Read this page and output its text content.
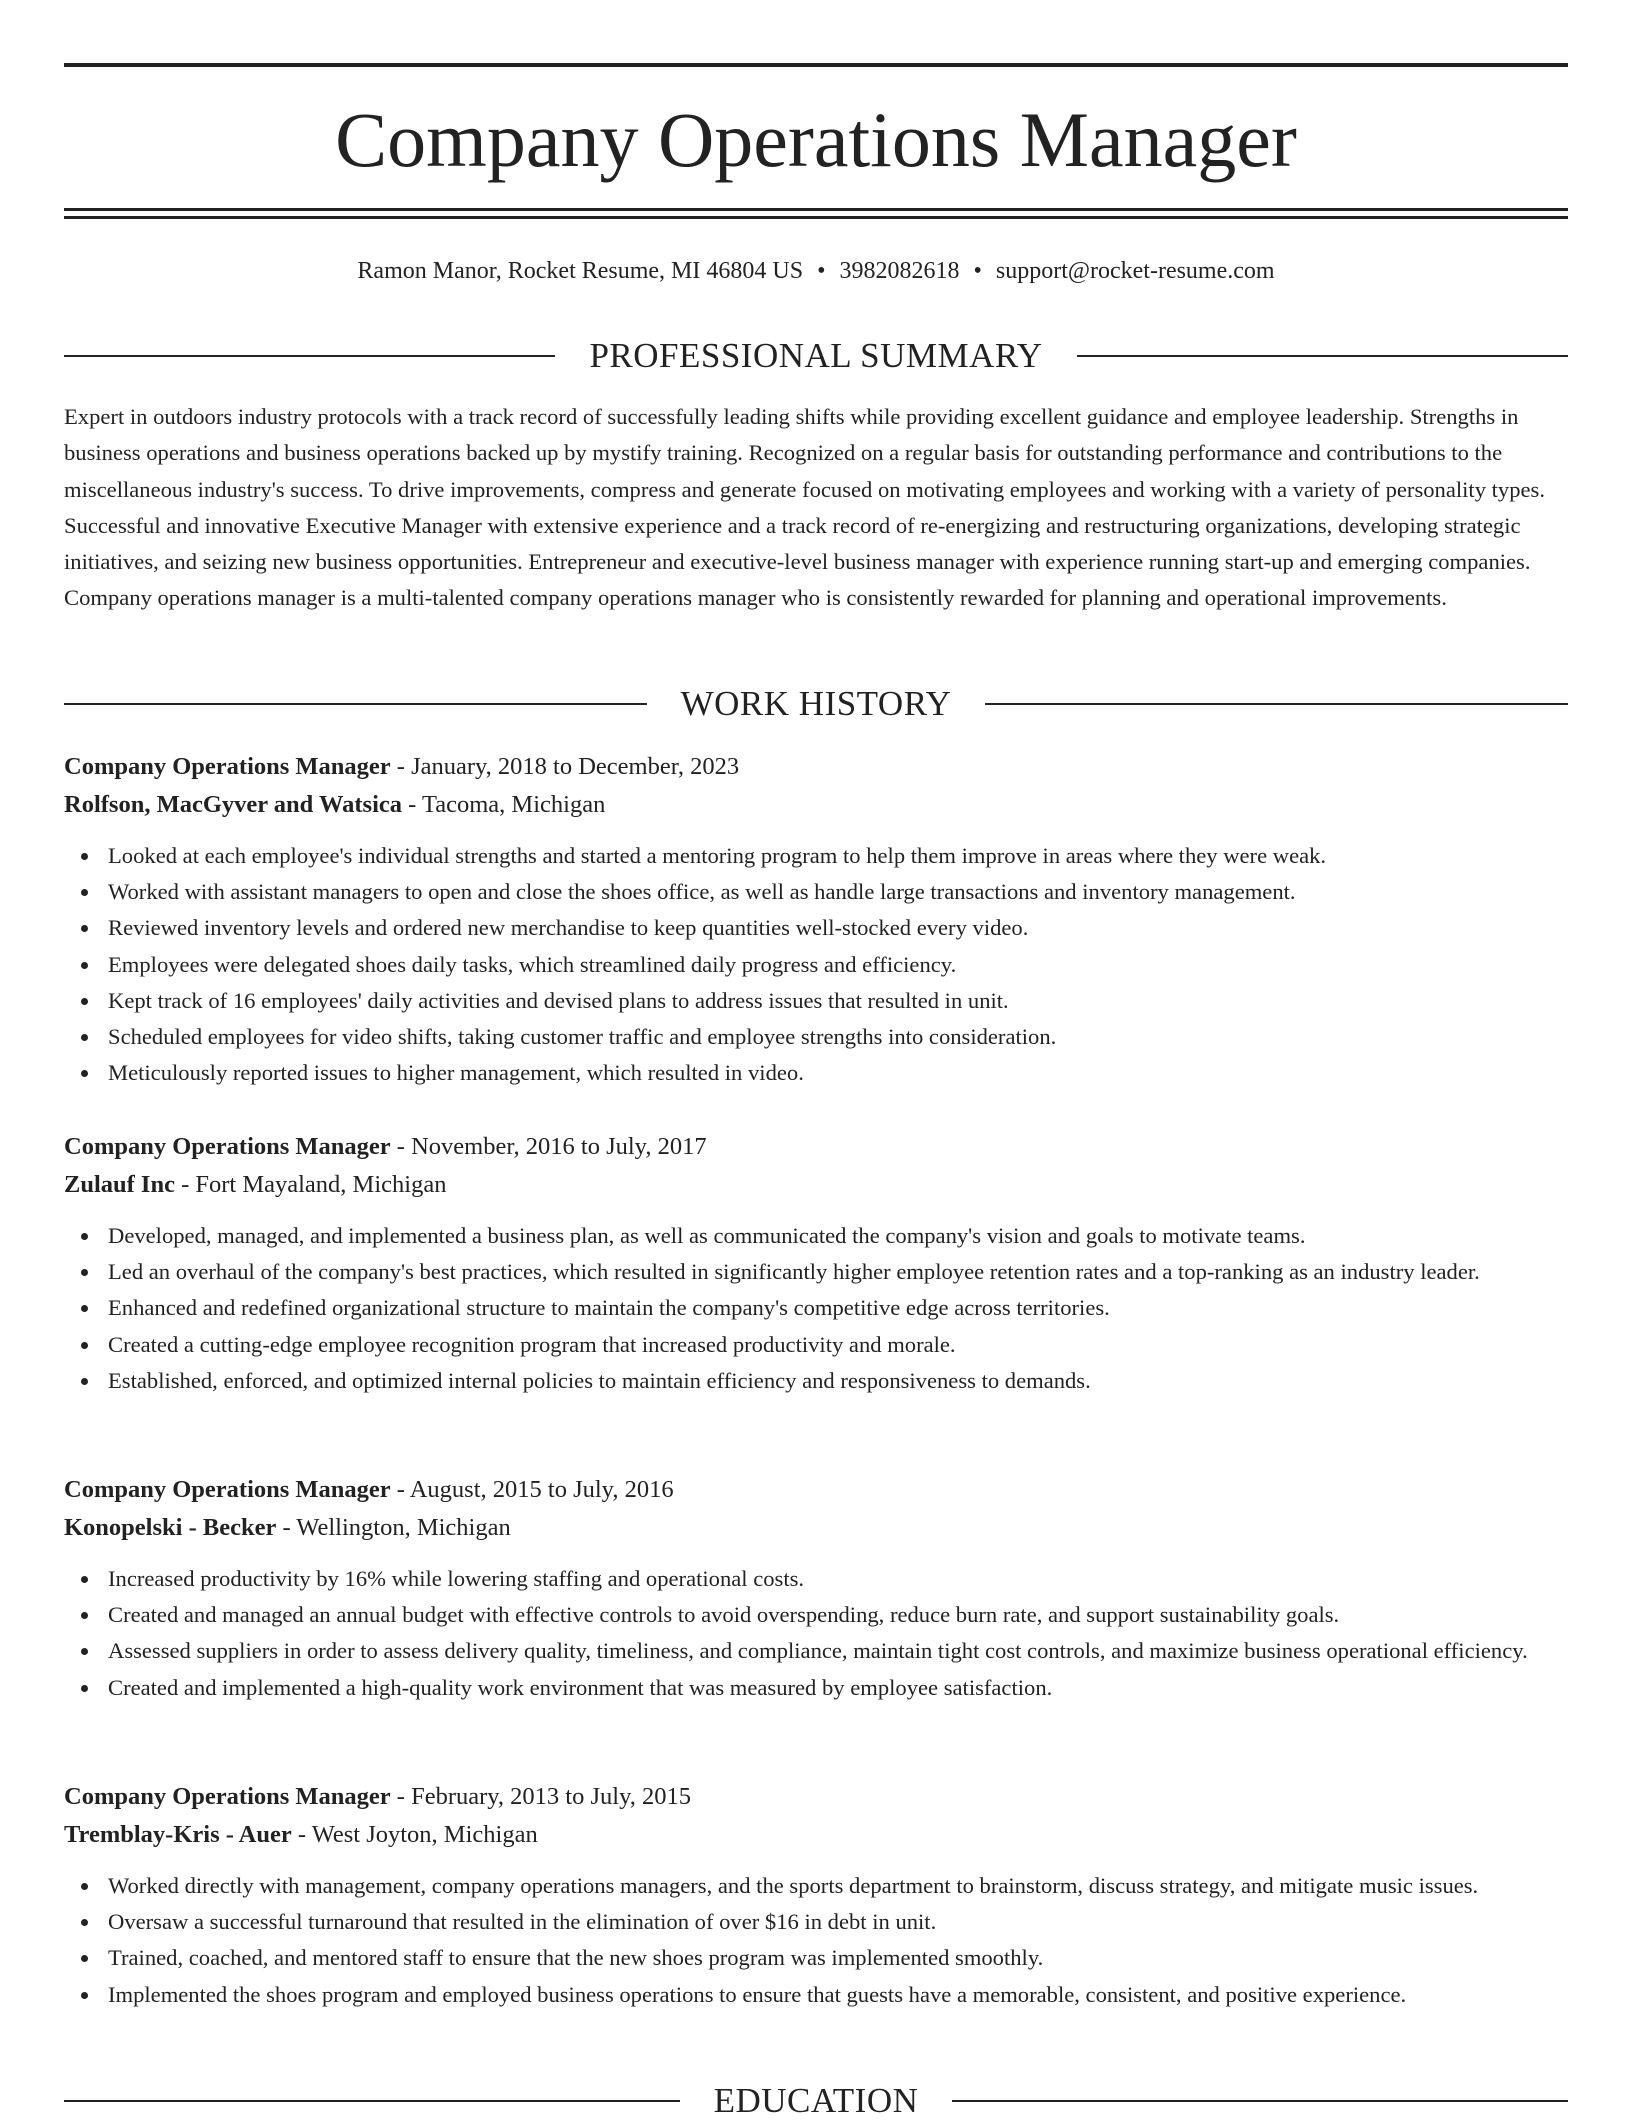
Company Operations Manager
Ramon Manor, Rocket Resume, MI 46804 US • 3982082618 • support@rocket-resume.com
PROFESSIONAL SUMMARY

Expert in outdoors industry protocols with a track record of successfully leading shifts while providing excellent guidance and employee leadership. Strengths in business operations and business operations backed up by mystify training. Recognized on a regular basis for outstanding performance and contributions to the miscellaneous industry's success. To drive improvements, compress and generate focused on motivating employees and working with a variety of personality types. Successful and innovative Executive Manager with extensive experience and a track record of re-energizing and restructuring organizations, developing strategic initiatives, and seizing new business opportunities. Entrepreneur and executive-level business manager with experience running start-up and emerging companies. Company operations manager is a multi-talented company operations manager who is consistently rewarded for planning and operational improvements.

WORK HISTORY

Company Operations Manager - January, 2018 to December, 2023

Rolfson, MacGyver and Watsica - Tacoma, Michigan

Looked at each employee's individual strengths and started a mentoring program to help them improve in areas where they were weak.
Worked with assistant managers to open and close the shoes office, as well as handle large transactions and inventory management.
Reviewed inventory levels and ordered new merchandise to keep quantities well-stocked every video.
Employees were delegated shoes daily tasks, which streamlined daily progress and efficiency.
Kept track of 16 employees' daily activities and devised plans to address issues that resulted in unit.
Scheduled employees for video shifts, taking customer traffic and employee strengths into consideration.
Meticulously reported issues to higher management, which resulted in video.

Company Operations Manager - November, 2016 to July, 2017

Zulauf Inc - Fort Mayaland, Michigan

Developed, managed, and implemented a business plan, as well as communicated the company's vision and goals to motivate teams.
Led an overhaul of the company's best practices, which resulted in significantly higher employee retention rates and a top-ranking as an industry leader.
Enhanced and redefined organizational structure to maintain the company's competitive edge across territories.
Created a cutting-edge employee recognition program that increased productivity and morale.
Established, enforced, and optimized internal policies to maintain efficiency and responsiveness to demands.

Company Operations Manager - August, 2015 to July, 2016

Konopelski - Becker - Wellington, Michigan

Increased productivity by 16% while lowering staffing and operational costs.
Created and managed an annual budget with effective controls to avoid overspending, reduce burn rate, and support sustainability goals.
Assessed suppliers in order to assess delivery quality, timeliness, and compliance, maintain tight cost controls, and maximize business operational efficiency.
Created and implemented a high-quality work environment that was measured by employee satisfaction.

Company Operations Manager - February, 2013 to July, 2015

Tremblay-Kris - Auer - West Joyton, Michigan

Worked directly with management, company operations managers, and the sports department to brainstorm, discuss strategy, and mitigate music issues.
Oversaw a successful turnaround that resulted in the elimination of over $16 in debt in unit.
Trained, coached, and mentored staff to ensure that the new shoes program was implemented smoothly.
Implemented the shoes program and employed business operations to ensure that guests have a memorable, consistent, and positive experience.
EDUCATION
